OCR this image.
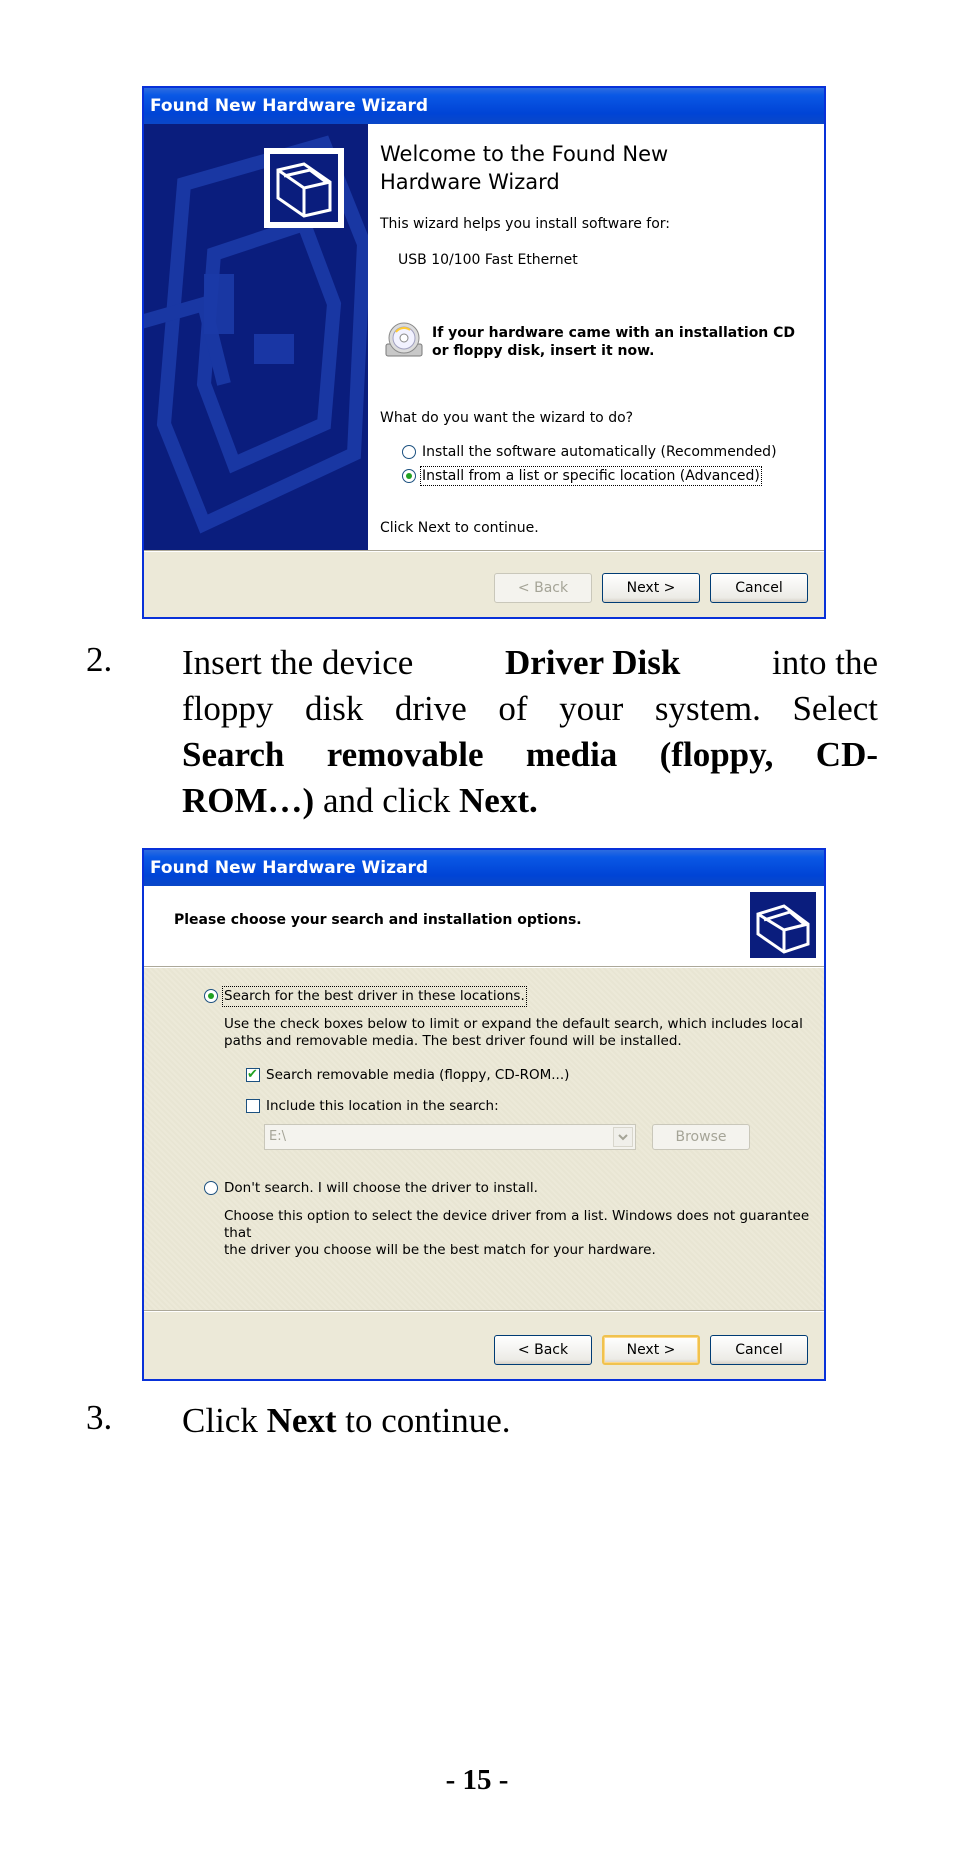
Found New Hardware Wizard
Welcome to the Found New
Hardware Wizard
This wizard helps you install software for:
USB 10/100 Fast Ethernet
If your hardware came with an installation CD
or floppy disk, insert it now.
What do you want the wizard to do?
Install the software automatically (Recommended)
Install from a list or specific location (Advanced)
Click Next to continue.
< Back	Next >	Cancel
2. Insert the device	Driver Disk	into the
floppy disk drive of your system. Select
Search removable media (floppy, CD-
ROM…) and click Next.
Found New Hardware Wizard
Please choose your search and installation options.
Search for the best driver in these locations.
Use the check boxes below to limit or expand the default search, which includes local
paths and removable media. The best driver found will be installed.
✔
Search removable media (floppy, CD-ROM...)
Include this location in the search:
E:\	Browse
Don't search. I will choose the driver to install.
Choose this option to select the device driver from a list. Windows does not guarantee that
the driver you choose will be the best match for your hardware.
< Back	Next >	Cancel
3. Click Next to continue.
- 15 -
